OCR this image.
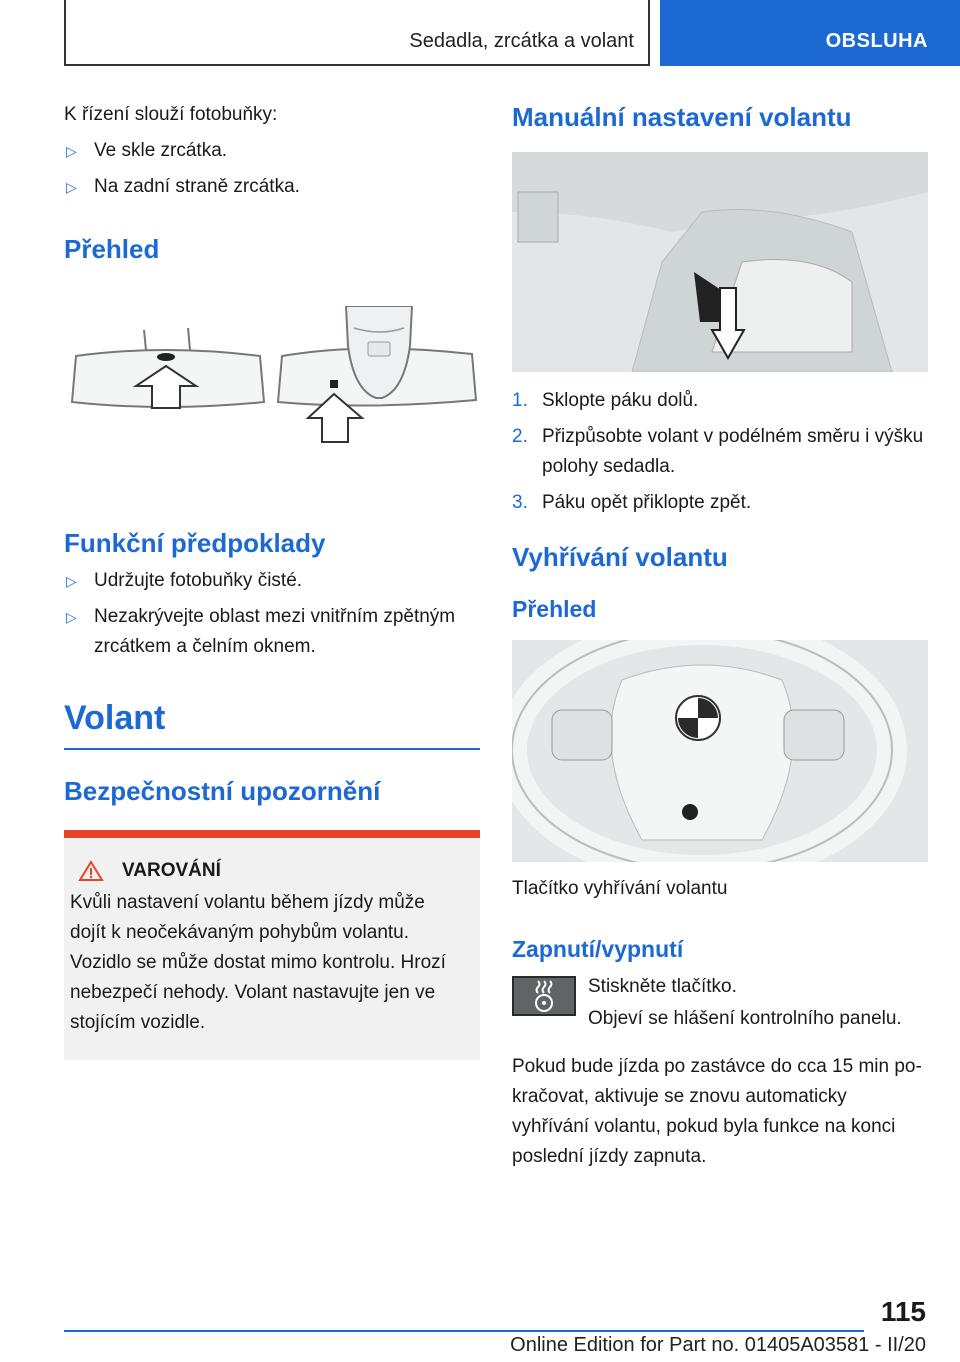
Sedadla, zrcátka a volant	OBSLUHA

K řízení slouží fotobuňky:

▷ Ve skle zrcátka.
▷ Na zadní straně zrcátka.
Přehled
Funkční předpoklady
▷ Udržujte fotobuňky čisté.
▷ Nezakrývejte oblast mezi vnitřním zpětným zrcátkem a čelním oknem.
Volant
Bezpečnostní upozornění
VAROVÁNÍ

Kvůli nastavení volantu během jízdy může dojít k neočekávaným pohybům volantu. Vozidlo se může dostat mimo kontrolu. Hrozí nebezpečí nehody. Volant nastavujte jen ve stojícím vozidle.

Manuální nastavení volantu
1. Sklopte páku dolů.
2. Přizpůsobte volant v podélném směru i výšku polohy sedadla.
3. Páku opět přiklopte zpět.
Vyhřívání volantu
Přehled

Tlačítko vyhřívání volantu

Zapnutí/vypnutí

Stiskněte tlačítko.

Objeví se hlášení kontrolního panelu.

Pokud bude jízda po zastávce do cca 15 min pokračovat, aktivuje se znovu automaticky vyhřívání volantu, pokud byla funkce na konci poslední jízdy zapnuta.

115
Online Edition for Part no. 01405A03581 - II/20
